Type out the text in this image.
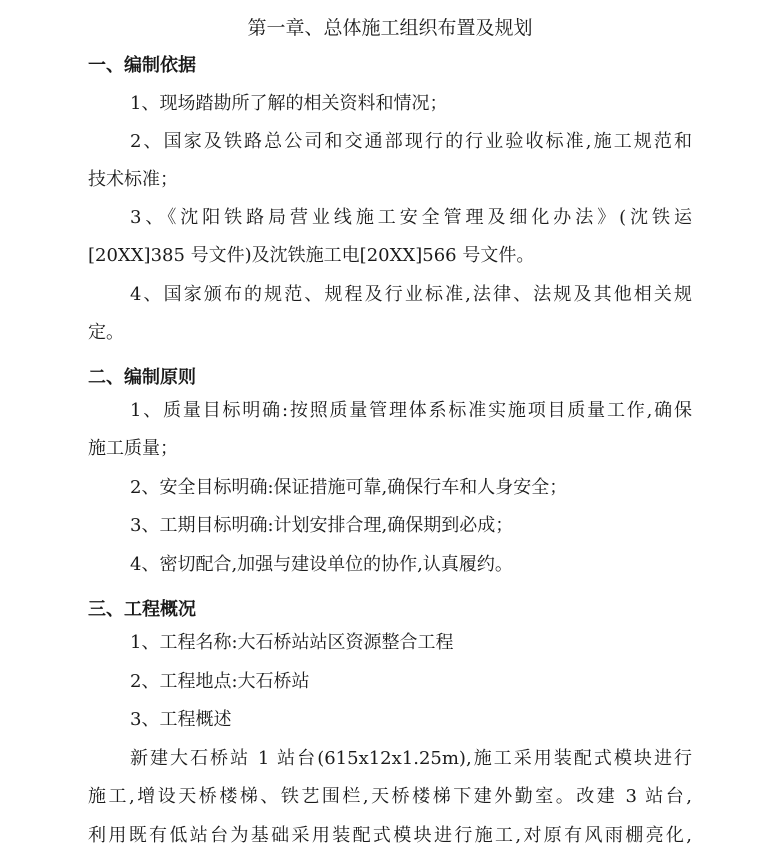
第一章、总体施工组织布置及规划
一、编制依据
1、现场踏勘所了解的相关资料和情况；
2、国家及铁路总公司和交通部现行的行业验收标准,施工规范和
技术标准；
3、《沈阳铁路局营业线施工安全管理及细化办法》(沈铁运
[20XX]385 号文件)及沈铁施工电[20XX]566 号文件。
4、国家颁布的规范、规程及行业标准,法律、法规及其他相关规
定。
二、编制原则
1、质量目标明确:按照质量管理体系标准实施项目质量工作,确保
施工质量；
2、安全目标明确:保证措施可靠,确保行车和人身安全；
3、工期目标明确:计划安排合理,确保期到必成；
4、密切配合,加强与建设单位的协作,认真履约。
三、工程概况
1、工程名称:大石桥站站区资源整合工程
2、工程地点:大石桥站
3、工程概述
新建大石桥站 1 站台(615x12x1.25m),施工采用装配式模块进行
施工,增设天桥楼梯、铁艺围栏,天桥楼梯下建外勤室。改建 3 站台,
利用既有低站台为基础采用装配式模块进行施工,对原有风雨棚亮化,
